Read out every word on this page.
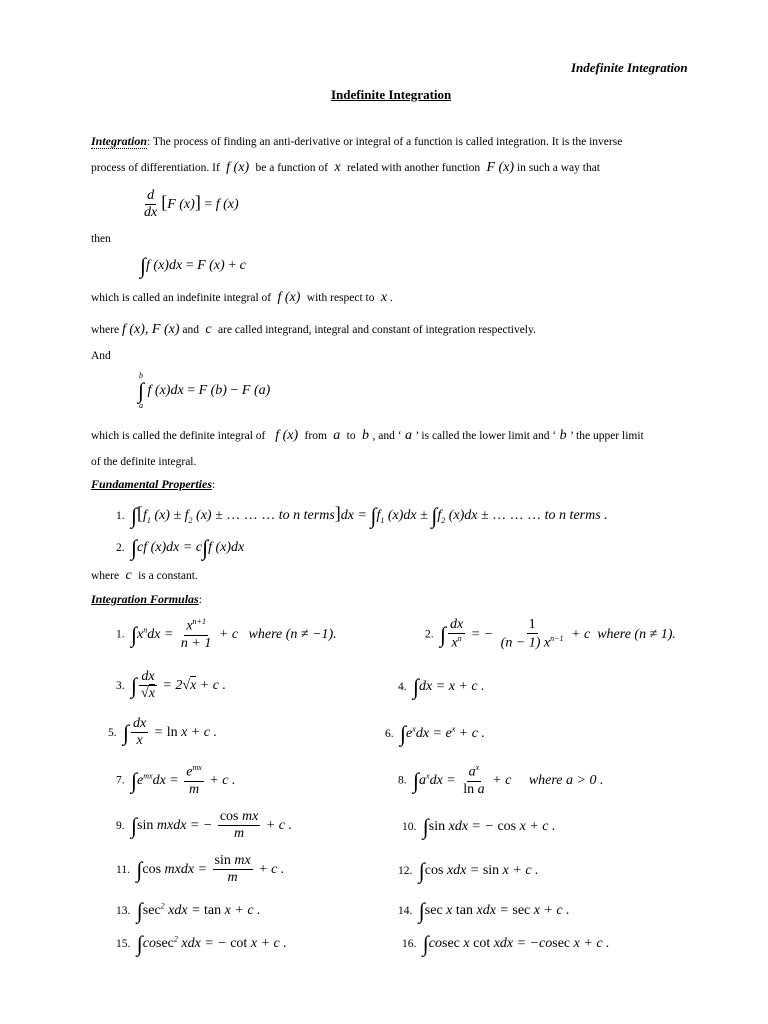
Indefinite Integration
Indefinite Integration
Integration: The process of finding an anti-derivative or integral of a function is called integration. It is the inverse
process of differentiation. If  f (x)  be a function of  x  related with another function  F (x) in such a way that
$\frac{d}{dx} [F$ (x)] = f (x)
then
∫f (x)dx = F (x) + c
which is called an indefinite integral of  f (x)  with respect to  x .
where f (x), F (x) and  c  are called integrand, integral and constant of integration respectively.
And
b
∫
a
f (x)dx = F (b) − F (a)
which is called the definite integral of   f (x)  from  a  to  b , and ‘ a ’ is called the lower limit and ‘ b ’ the upper limit
of the definite integral.
Fundamental Properties:
1. $\int[f_1$ $(x) \pm f_2$ (x) ± … … … to n terms]dx = $\int f_1$ $(x)dx \pm \int f_2$ (x)dx ± … … … to n terms .
2. ∫cf (x)dx = c∫f (x)dx
where  c  is a constant.
Integration Formulas:
1. $\int x^ndx = \frac{x^{n+1}}{n + 1} + c$   where (n ≠ −1).	2. ∫ $\frac{dx}{x^n}$ = − $\frac{1}{(n - 1) x^{n-1}} + c$  where (n ≠ 1).
3. ∫ $\frac{dx}{√x} = 2√x + c$ .	4. ∫dx = x + c .
5. ∫ $\frac{dx}{x} = \ln x + c$ .	6. $\int e^xdx = e^x + c$ .
7. $\int e^{mx}dx = \frac{e^{mx}}{m} + c$ .	8. $\int a^xdx = \frac{a^x}{\text{ln a}} + c$     where a > 0 .
9. ∫sin mxdx = − $\frac{\text{cos mx}}{m} + c$ .	10. ∫sin xdx = − cos x + c .
11. ∫cos mxdx = $\frac{\text{sin mx}}{m} + c$ .	12. ∫cos xdx = sin x + c .
13. $\int\sec^2$ xdx = tan x + c .	14. ∫sec x tan xdx = sec x + c .
15. ∫cosec$^2$ xdx = − cot x + c .	16. ∫cosec x cot xdx = −cosec x + c .
